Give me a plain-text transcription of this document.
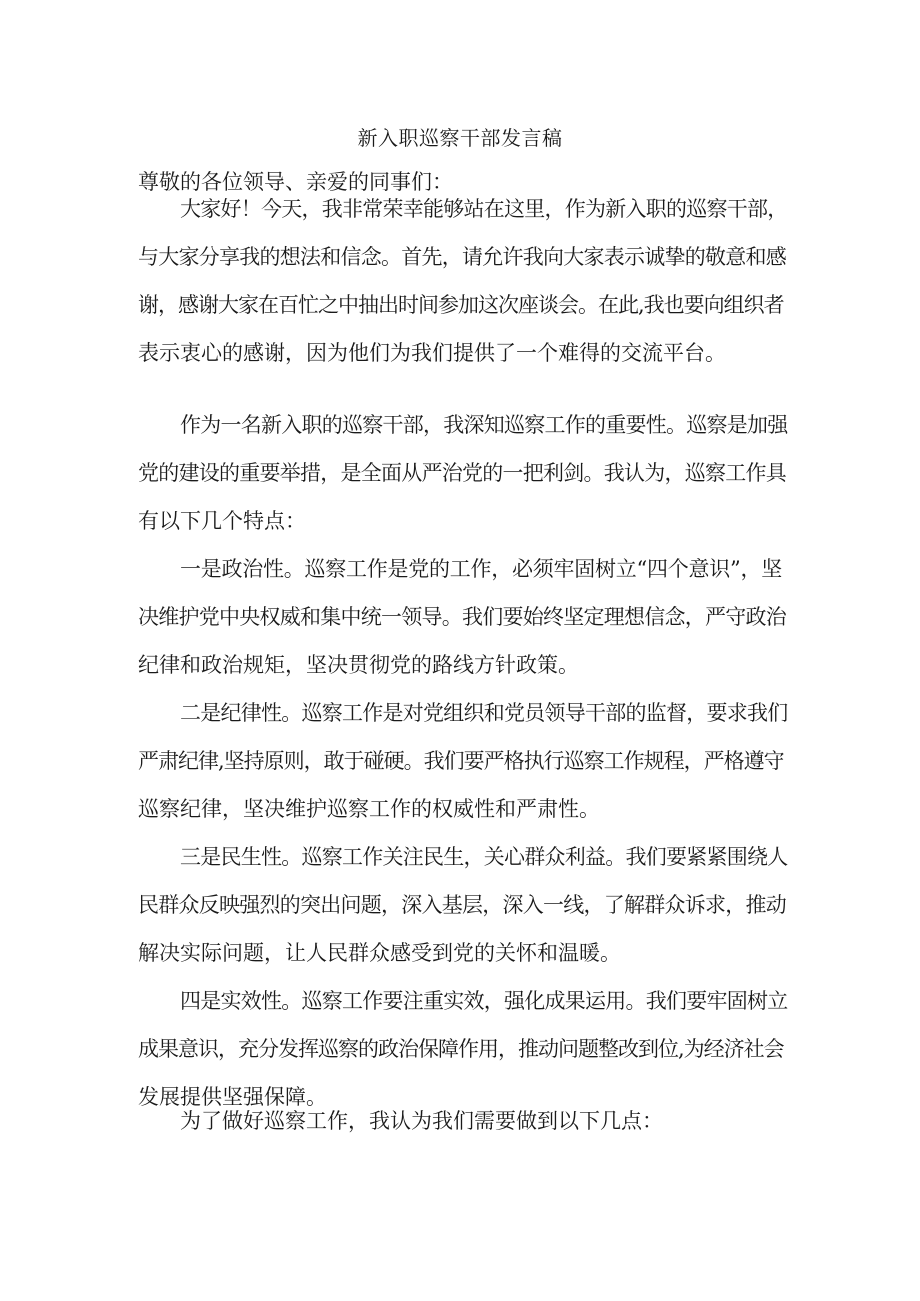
新入职巡察干部发言稿
尊敬的各位领导、亲爱的同事们：
大家好！今天，我非常荣幸能够站在这里，作为新入职的巡察干部，
与大家分享我的想法和信念。首先，请允许我向大家表示诚挚的敬意和感
谢，感谢大家在百忙之中抽出时间参加这次座谈会。在此,我也要向组织者
表示衷心的感谢，因为他们为我们提供了一个难得的交流平台。
作为一名新入职的巡察干部，我深知巡察工作的重要性。巡察是加强
党的建设的重要举措，是全面从严治党的一把利剑。我认为，巡察工作具
有以下几个特点：
一是政治性。巡察工作是党的工作，必须牢固树立“四个意识”，坚
决维护党中央权威和集中统一领导。我们要始终坚定理想信念，严守政治
纪律和政治规矩，坚决贯彻党的路线方针政策。
二是纪律性。巡察工作是对党组织和党员领导干部的监督，要求我们
严肃纪律,坚持原则，敢于碰硬。我们要严格执行巡察工作规程，严格遵守
巡察纪律，坚决维护巡察工作的权威性和严肃性。
三是民生性。巡察工作关注民生，关心群众利益。我们要紧紧围绕人
民群众反映强烈的突出问题，深入基层，深入一线，了解群众诉求，推动
解决实际问题，让人民群众感受到党的关怀和温暖。
四是实效性。巡察工作要注重实效，强化成果运用。我们要牢固树立
成果意识，充分发挥巡察的政治保障作用，推动问题整改到位,为经济社会
发展提供坚强保障。
为了做好巡察工作，我认为我们需要做到以下几点：
